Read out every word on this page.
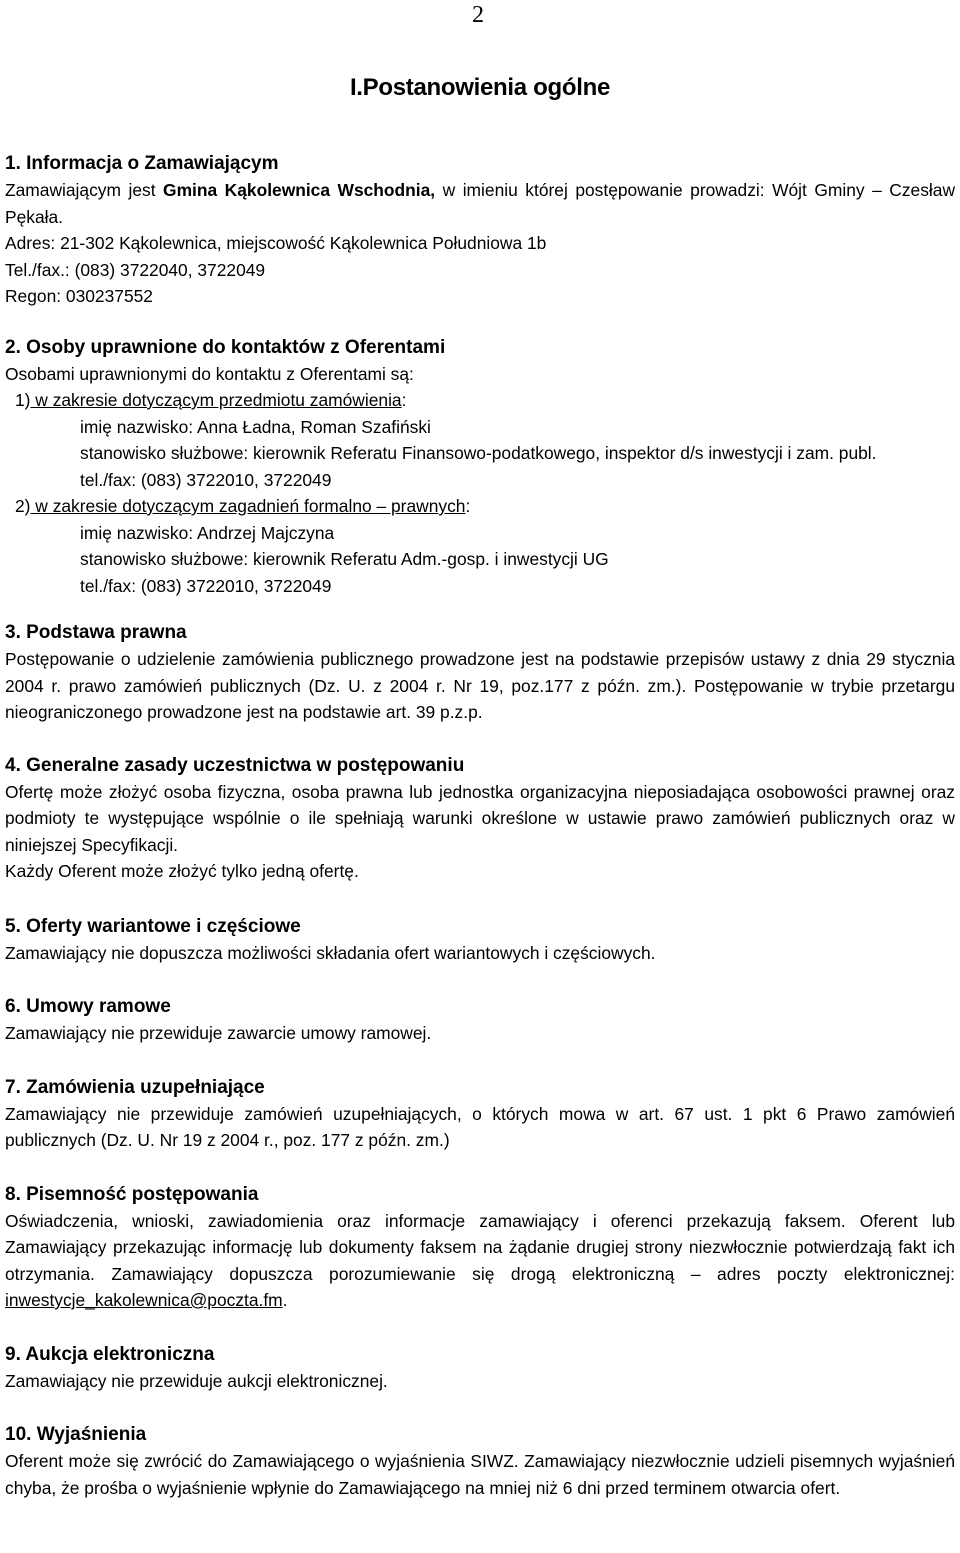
2
I.Postanowienia ogólne
1. Informacja o Zamawiającym

Zamawiającym jest Gmina Kąkolewnica Wschodnia, w imieniu której postępowanie prowadzi: Wójt Gminy – Czesław Pękała.

Adres: 21-302 Kąkolewnica, miejscowość Kąkolewnica Południowa 1b

Tel./fax.: (083) 3722040, 3722049

Regon: 030237552

2. Osoby uprawnione do kontaktów z Oferentami

Osobami uprawnionymi do kontaktu z Oferentami są:

1) w zakresie dotyczącym przedmiotu zamówienia:

imię nazwisko: Anna Ładna, Roman Szafiński

stanowisko służbowe: kierownik Referatu Finansowo-podatkowego, inspektor d/s inwestycji i zam. publ.

tel./fax: (083) 3722010, 3722049

2) w zakresie dotyczącym zagadnień formalno – prawnych:

imię nazwisko: Andrzej Majczyna

stanowisko służbowe: kierownik Referatu Adm.-gosp. i inwestycji UG

tel./fax: (083) 3722010, 3722049

3. Podstawa prawna

Postępowanie o udzielenie zamówienia publicznego prowadzone jest na podstawie przepisów ustawy z dnia 29 stycznia 2004 r. prawo zamówień publicznych (Dz. U. z 2004 r. Nr 19, poz.177 z późn. zm.). Postępowanie w trybie przetargu nieograniczonego prowadzone jest na podstawie art. 39 p.z.p.

4. Generalne zasady uczestnictwa w postępowaniu

Ofertę może złożyć osoba fizyczna, osoba prawna lub jednostka organizacyjna nieposiadająca osobowości prawnej oraz podmioty te występujące wspólnie o ile spełniają warunki określone w ustawie prawo zamówień publicznych oraz w niniejszej Specyfikacji.

Każdy Oferent może złożyć tylko jedną ofertę.

5. Oferty wariantowe i częściowe

Zamawiający nie dopuszcza możliwości składania ofert wariantowych i częściowych.

6. Umowy ramowe

Zamawiający nie przewiduje zawarcie umowy ramowej.

7. Zamówienia uzupełniające

Zamawiający nie przewiduje zamówień uzupełniających, o których mowa w art. 67 ust. 1 pkt 6 Prawo zamówień publicznych (Dz. U. Nr 19 z 2004 r., poz. 177 z późn. zm.)

8. Pisemność postępowania

Oświadczenia, wnioski, zawiadomienia oraz informacje zamawiający i oferenci przekazują faksem. Oferent lub Zamawiający przekazując informację lub dokumenty faksem na żądanie drugiej strony niezwłocznie potwierdzają fakt ich otrzymania. Zamawiający dopuszcza porozumiewanie się drogą elektroniczną – adres poczty elektronicznej: inwestycje_kakolewnica@poczta.fm.

9. Aukcja elektroniczna

Zamawiający nie przewiduje aukcji elektronicznej.

10. Wyjaśnienia

Oferent może się zwrócić do Zamawiającego o wyjaśnienia SIWZ. Zamawiający niezwłocznie udzieli pisemnych wyjaśnień chyba, że prośba o wyjaśnienie wpłynie do Zamawiającego na mniej niż 6 dni przed terminem otwarcia ofert.
